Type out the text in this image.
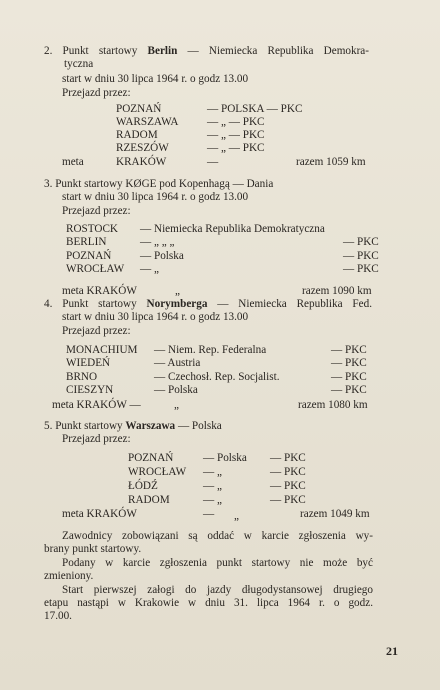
2. Punkt startowy Berlin — Niemiecka Republika Demokra-
tyczna
start w dniu 30 lipca 1964 r. o godz 13.00
Przejazd przez:
POZNAŃ	— POLSKA — PKC
WARSZAWA	— „ — PKC
RADOM	— „ — PKC
RZESZÓW	— „ — PKC
meta	KRAKÓW	—	razem 1059 km
3. Punkt startowy KØGE pod Kopenhagą — Dania
start w dniu 30 lipca 1964 r. o godz 13.00
Przejazd przez:
ROSTOCK — Niemiecka Republika Demokratyczna
BERLIN	— „ „ „	— PKC
POZNAŃ	— Polska	— PKC
WROCŁAW — „	— PKC
meta KRAKÓW	„	razem 1090 km
4. Punkt startowy Norymberga — Niemiecka Republika Fed.
start w dniu 30 lipca 1964 r. o godz 13.00
Przejazd przez:
MONACHIUM — Niem. Rep. Federalna	— PKC
WIEDEŃ	— Austria	— PKC
BRNO	— Czechosł. Rep. Socjalist.	— PKC
CIESZYN	— Polska	— PKC
meta KRAKÓW —	„	razem 1080 km
5. Punkt startowy Warszawa — Polska
Przejazd przez:
POZNAŃ	— Polska — PKC
WROCŁAW — „	— PKC
ŁÓDŹ	— „	— PKC
RADOM	— „	— PKC
meta KRAKÓW	— „	razem 1049 km
Zawodnicy zobowiązani są oddać w karcie zgłoszenia wy-
brany punkt startowy.
Podany w karcie zgłoszenia punkt startowy nie może być
zmieniony.
Start pierwszej załogi do jazdy długodystansowej drugiego
etapu nastąpi w Krakowie w dniu 31. lipca 1964 r. o godz.
17.00.
21
